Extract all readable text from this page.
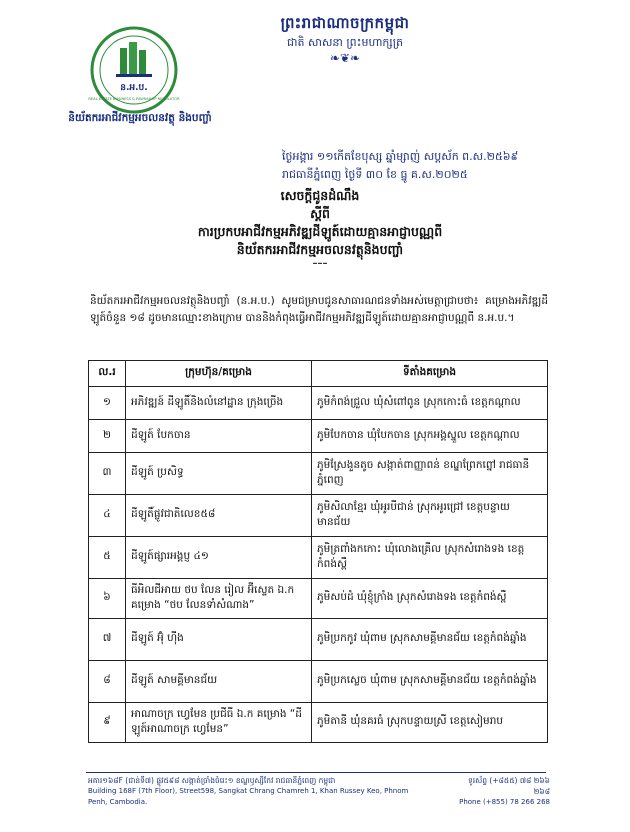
ន.អ.ប.
REAL ESTATE BUSINESS & PAWNSHOP REGULATOR
និយ័តករអាជីវកម្មអចលនវត្ថុ និងបញ្ចាំ
ព្រះរាជាណាចក្រកម្ពុជា
ជាតិ សាសនា ព្រះមហាក្សត្រ
❧❦❧
ថ្ងៃអង្គារ ១១កើតខែបុស្ស ឆ្នាំម្សាញ់ សប្តស័ក ព.ស.២៥៦៩
រាជធានីភ្នំពេញ ថ្ងៃទី ៣០ ខែ ធ្នូ គ.ស.២០២៥
សេចក្តីជូនដំណឹង
ស្តីពី
ការប្រកបអាជីវកម្មអភិវឌ្ឍដីឡូត៍ដោយគ្មានអាជ្ញាបណ្ណពី
និយ័តករអាជីវកម្មអចលនវត្ថុនិងបញ្ចាំ
–––
និយ័តករអាជីវកម្មអចលនវត្ថុនិងបញ្ចាំ (ន.អ.ប.) សូមជម្រាបជូនសាធារណជនទាំងអស់មេត្តាជ្រាបថា៖ គម្រោងអភិវឌ្ឍដីឡូត៍ចំនួន ១៨ ដូចមានឈ្មោះខាងក្រោម បាននិងកំពុងធ្វើអាជីវកម្មអភិវឌ្ឍដីឡូត៍ដោយគ្មានអាជ្ញាបណ្ណពី ន.អ.ប.។
ល.រ	ក្រុមហ៊ុន/គម្រោង	ទីតាំងគម្រោង
១	អភិវឌ្ឍន៍ ដីឡូតិ៍និងលំនៅដ្ឋាន ក្រុងច្រើង	ភូមិកំពង់ជ្រួល ឃុំសំពៅពូន ស្រុកកោះធំ ខេត្តកណ្តាល
២	ដីឡូត៍ បែកចាន	ភូមិបែកចាន ឃុំបែកចាន ស្រុកអង្គស្នួល ខេត្តកណ្តាល
៣	ដីឡូត៍ ប្រសិទ្ធ	ភូមិស្រែងួនតូច សង្កាត់ពាញ្ញាពន់ ខណ្ឌព្រែកព្នៅ រាជធានីភ្នំពេញ
៤	ដីឡូតិ៍ផ្លូវជាតិលេខ៥៨	ភូមិសិលាខ្មែរ ឃុំអូរបីជាន់ ស្រុកអូរជ្រៅ ខេត្តបន្ទាយមានជ័យ
៥	ដីឡូត៍ផ្សារអង្គប្ញ ៤១	ភូមិត្រពាំងកកោះ ឃុំលោងគ្រើល ស្រុកសំរោងទង ខេត្តកំពង់ស្ពឺ
៦	ធីអិលជីអាយ ថប លែន រៀល អ៊ីស្ទេត ឯ.ក គម្រោង “ថប លែនទាំសំណាង”	ភូមិសប់ដំ ឃុំខ្ញុំក្រាំង ស្រុកសំរោងទង ខេត្តកំពង់ស្ពឺ
៧	ដីឡូត៍ អ៊ុំ ហ៊ីង	ភូមិប្រកកូវ ឃុំពាម ស្រុកសាមគ្គីមានជ័យ ខេត្តកំពង់ឆ្នាំង
៨	ដីឡូត៍ សាមគ្គីមានជ័យ	ភូមិប្រកស្លេច ឃុំពាម ស្រុកសាមគ្គីមានជ័យ ខេត្តកំពង់ឆ្នាំង
៩	អាណាចក្រ ហ្វេមែន ប្រជីធី ឯ.ក គម្រោង “ដីឡូត៍អាណាចក្រ ហ្វេមែន”	ភូមិតានី ឃុំនគរធំ ស្រុកបន្ទាយស្រី ខេត្តសៀមរាប
អគារ១៦៨F (ជាន់ទី៧) ផ្លូវ៥៩៨ សង្កាត់ច្រាំងចំរេះ១ ខណ្ឌឫស្សីកែវ រាជធានីភ្នំពេញ កម្ពុជា
Building 168F (7th Floor), Street598, Sangkat Chrang Chamreh 1, Khan Russey Keo, Phnom Penh, Cambodia.
ទូរស័ព្ទ (+៨៥៥) ៧៨ ២៦៦ ២៦៨
Phone (+855) 78 266 268
